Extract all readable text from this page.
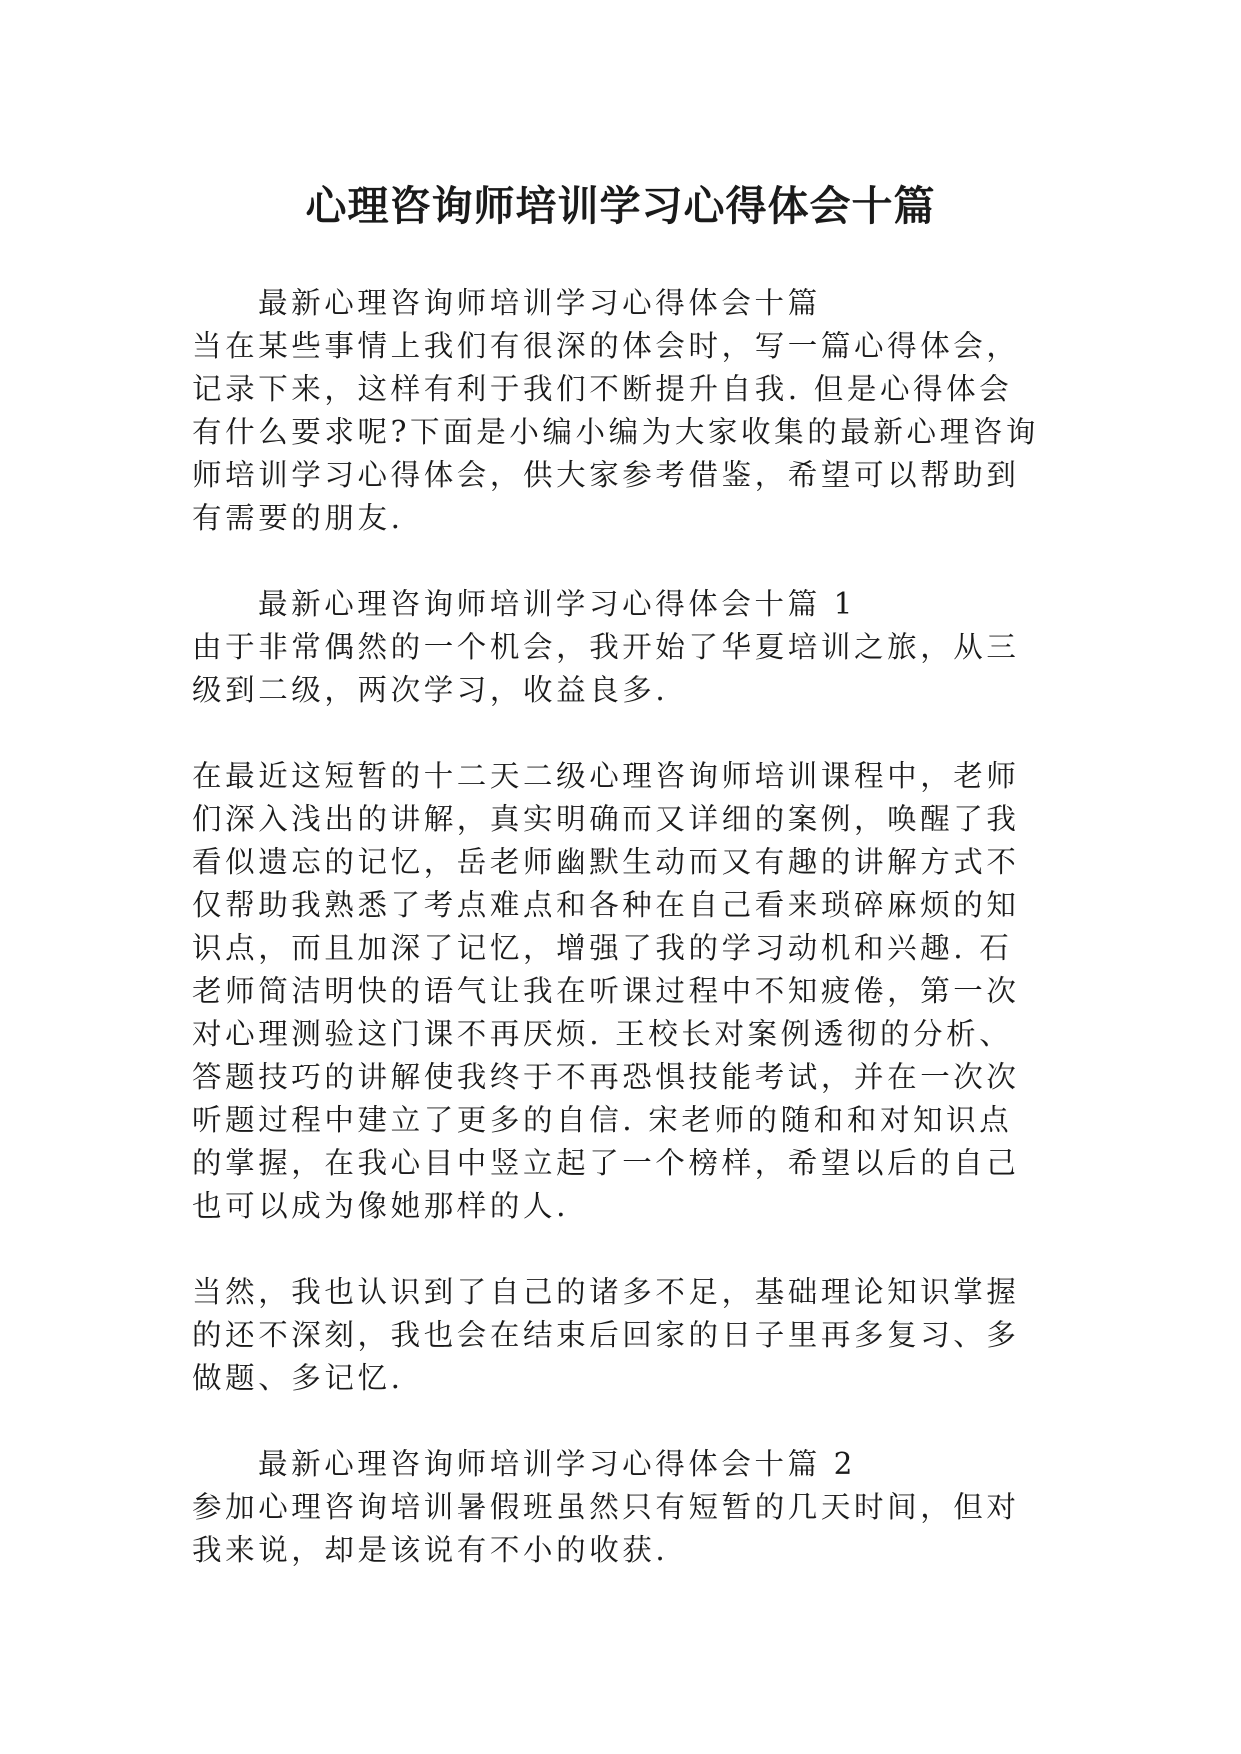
心理咨询师培训学习心得体会十篇

最新心理咨询师培训学习心得体会十篇

当在某些事情上我们有很深的体会时，写一篇心得体会，
记录下来，这样有利于我们不断提升自我. 但是心得体会
有什么要求呢?下面是小编小编为大家收集的最新心理咨询
师培训学习心得体会，供大家参考借鉴，希望可以帮助到
有需要的朋友.

最新心理咨询师培训学习心得体会十篇 1

由于非常偶然的一个机会，我开始了华夏培训之旅，从三
级到二级，两次学习，收益良多.

在最近这短暂的十二天二级心理咨询师培训课程中，老师
们深入浅出的讲解，真实明确而又详细的案例，唤醒了我
看似遗忘的记忆，岳老师幽默生动而又有趣的讲解方式不
仅帮助我熟悉了考点难点和各种在自己看来琐碎麻烦的知
识点，而且加深了记忆，增强了我的学习动机和兴趣. 石
老师简洁明快的语气让我在听课过程中不知疲倦，第一次
对心理测验这门课不再厌烦. 王校长对案例透彻的分析、
答题技巧的讲解使我终于不再恐惧技能考试，并在一次次
听题过程中建立了更多的自信. 宋老师的随和和对知识点
的掌握，在我心目中竖立起了一个榜样，希望以后的自己
也可以成为像她那样的人.

当然，我也认识到了自己的诸多不足，基础理论知识掌握
的还不深刻，我也会在结束后回家的日子里再多复习、多
做题、多记忆.

最新心理咨询师培训学习心得体会十篇 2

参加心理咨询培训暑假班虽然只有短暂的几天时间，但对
我来说，却是该说有不小的收获.
